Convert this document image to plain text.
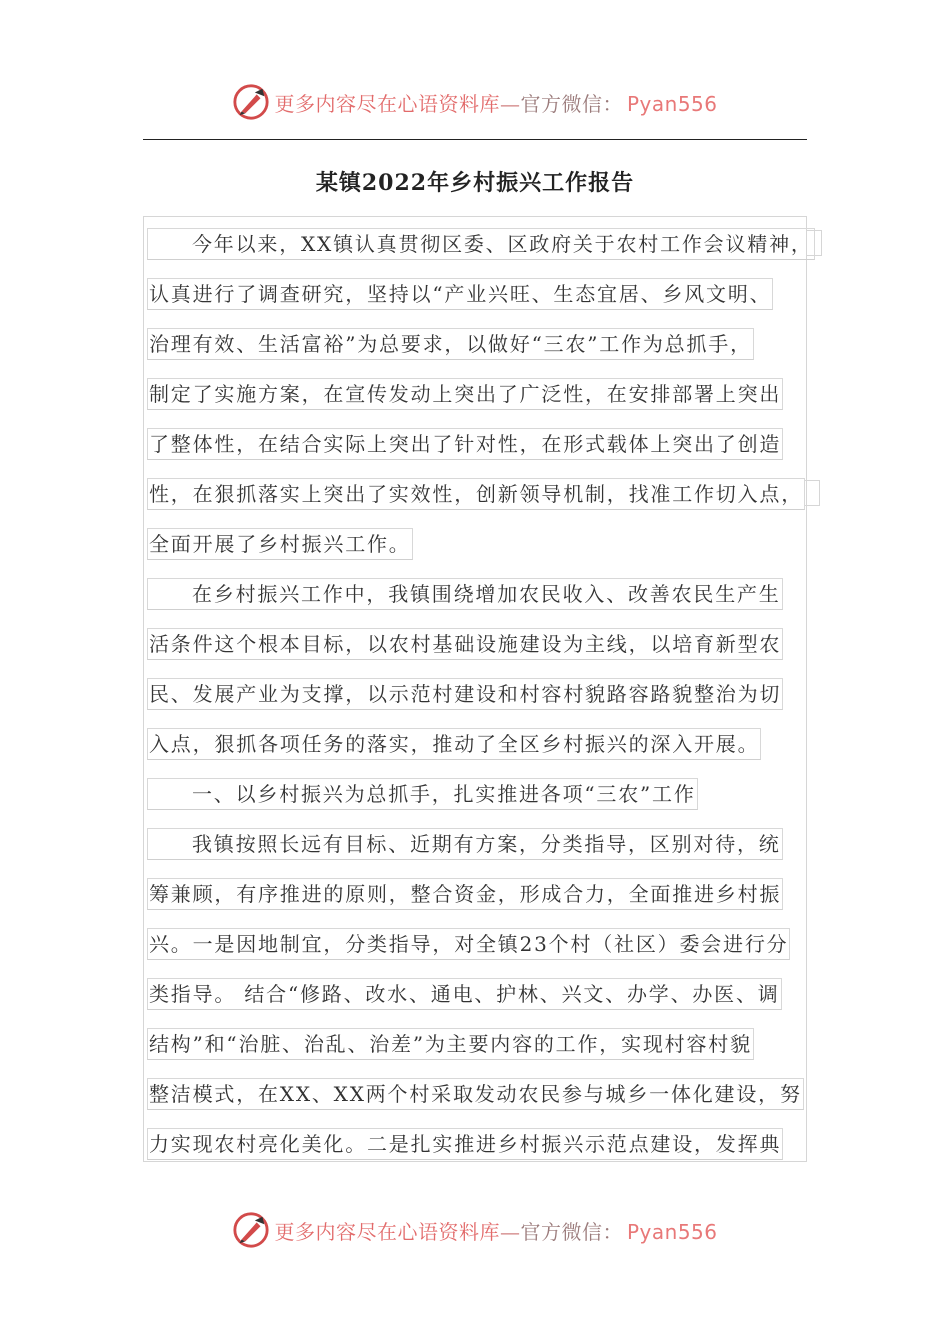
更多内容尽在心语资料库—官方微信： Pyan556
某镇2022年乡村振兴工作报告
今年以来，XX镇认真贯彻区委、区政府关于农村工作会议精神，
认真进行了调查研究，坚持以“产业兴旺、生态宜居、乡风文明、
治理有效、生活富裕”为总要求，以做好“三农”工作为总抓手，
制定了实施方案，在宣传发动上突出了广泛性，在安排部署上突出
了整体性，在结合实际上突出了针对性，在形式载体上突出了创造
性，在狠抓落实上突出了实效性，创新领导机制，找准工作切入点，
全面开展了乡村振兴工作。
在乡村振兴工作中，我镇围绕增加农民收入、改善农民生产生
活条件这个根本目标，以农村基础设施建设为主线，以培育新型农
民、发展产业为支撑，以示范村建设和村容村貌路容路貌整治为切
入点，狠抓各项任务的落实，推动了全区乡村振兴的深入开展。
一、以乡村振兴为总抓手，扎实推进各项“三农”工作
我镇按照长远有目标、近期有方案，分类指导，区别对待，统
筹兼顾，有序推进的原则，整合资金，形成合力，全面推进乡村振
兴。一是因地制宜，分类指导，对全镇23个村（社区）委会进行分
类指导。 结合“修路、改水、通电、护林、兴文、办学、办医、调
结构”和“治脏、治乱、治差”为主要内容的工作，实现村容村貌
整洁模式，在XX、XX两个村采取发动农民参与城乡一体化建设，努
力实现农村亮化美化。二是扎实推进乡村振兴示范点建设，发挥典
更多内容尽在心语资料库—官方微信： Pyan556
